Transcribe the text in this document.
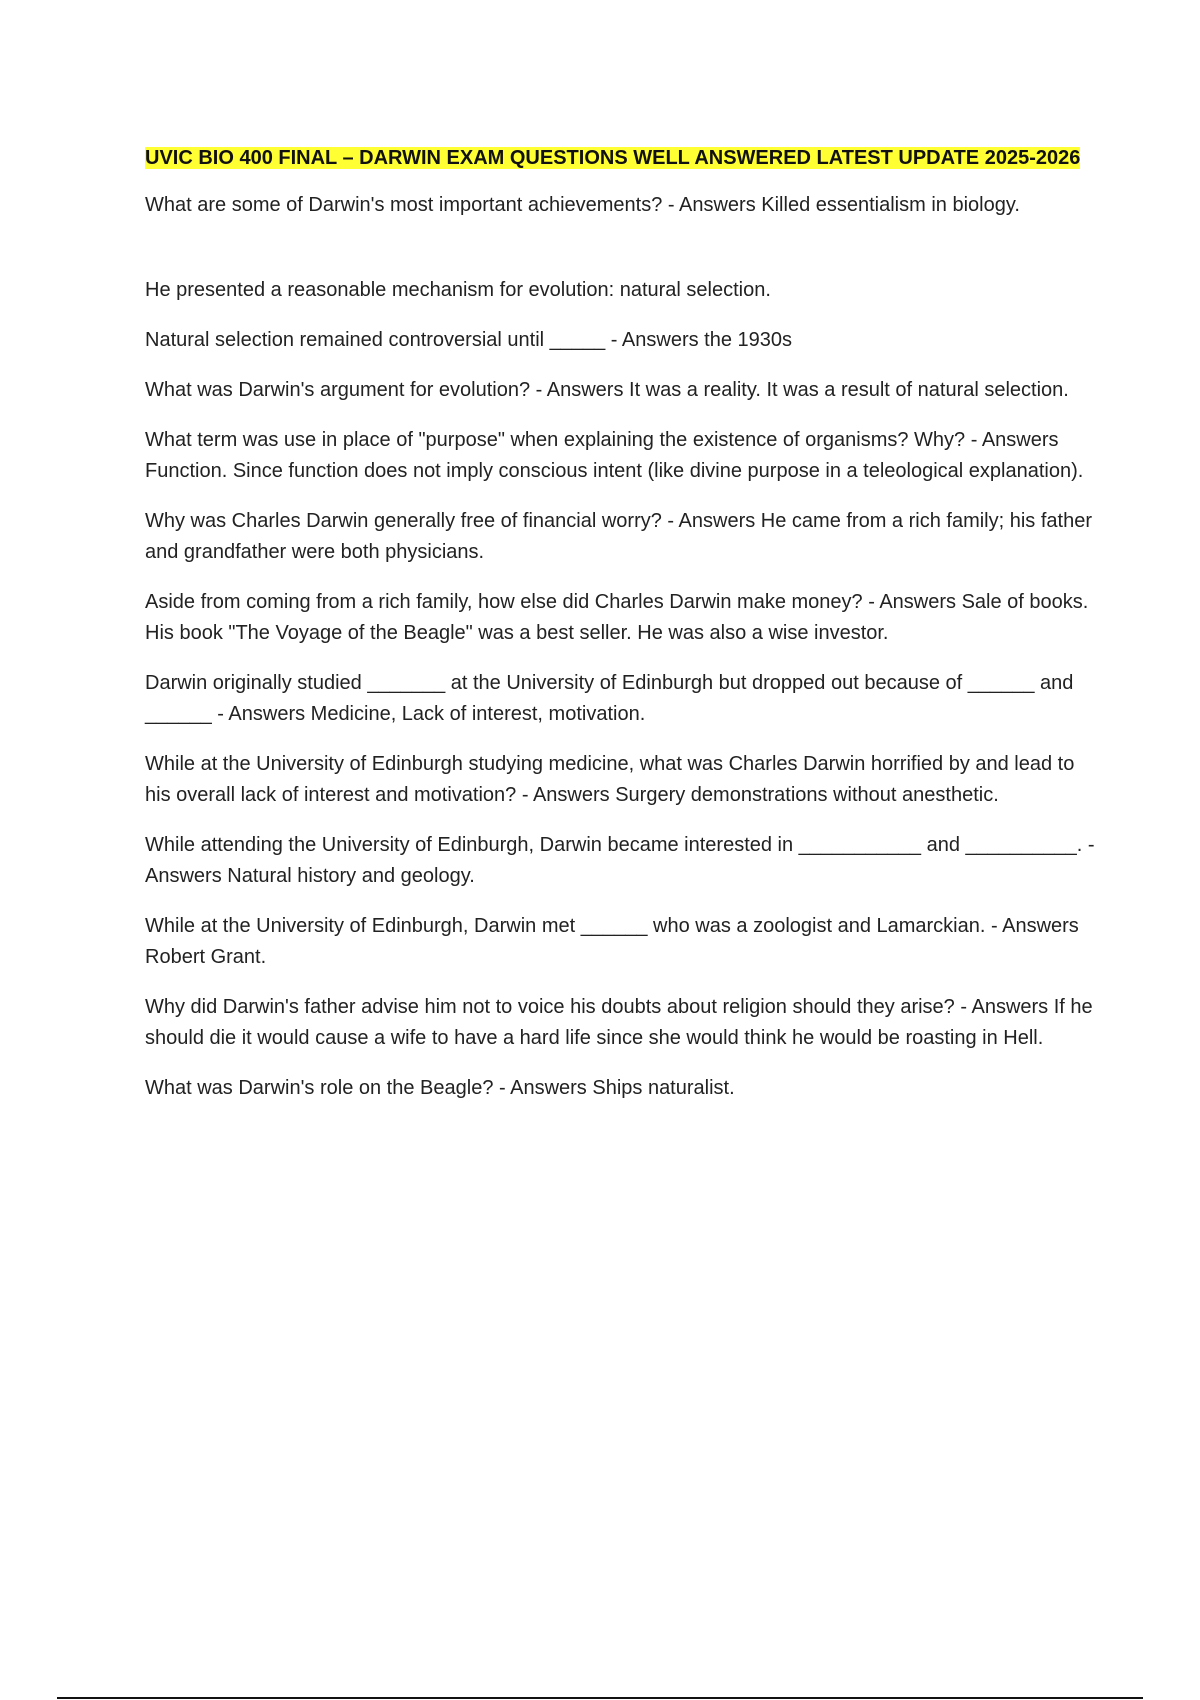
UVIC BIO 400 FINAL – DARWIN EXAM QUESTIONS WELL ANSWERED LATEST UPDATE 2025-2026

What are some of Darwin's most important achievements? - Answers Killed essentialism in biology.

He presented a reasonable mechanism for evolution: natural selection.

Natural selection remained controversial until _____ - Answers the 1930s

What was Darwin's argument for evolution? - Answers It was a reality. It was a result of natural selection.

What term was use in place of "purpose" when explaining the existence of organisms? Why? - Answers Function. Since function does not imply conscious intent (like divine purpose in a teleological explanation).

Why was Charles Darwin generally free of financial worry? - Answers He came from a rich family; his father and grandfather were both physicians.

Aside from coming from a rich family, how else did Charles Darwin make money? - Answers Sale of books. His book "The Voyage of the Beagle" was a best seller. He was also a wise investor.

Darwin originally studied _______ at the University of Edinburgh but dropped out because of ______ and ______ - Answers Medicine, Lack of interest, motivation.

While at the University of Edinburgh studying medicine, what was Charles Darwin horrified by and lead to his overall lack of interest and motivation? - Answers Surgery demonstrations without anesthetic.

While attending the University of Edinburgh, Darwin became interested in ___________ and __________. - Answers Natural history and geology.

While at the University of Edinburgh, Darwin met ______ who was a zoologist and Lamarckian. - Answers Robert Grant.

Why did Darwin's father advise him not to voice his doubts about religion should they arise? - Answers If he should die it would cause a wife to have a hard life since she would think he would be roasting in Hell.

What was Darwin's role on the Beagle? - Answers Ships naturalist.
